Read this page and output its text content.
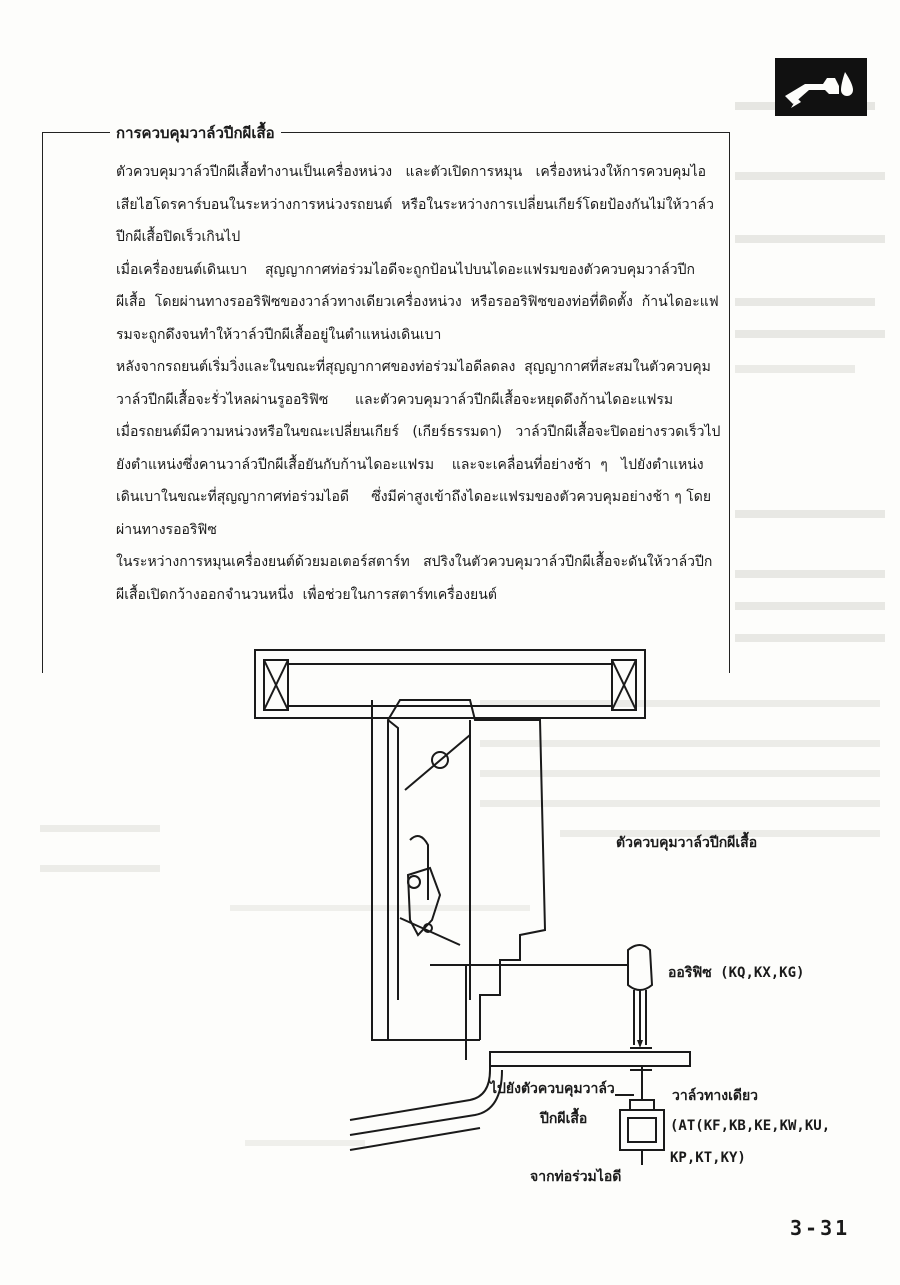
การควบคุมวาล์วปีกผีเสื้อ

ตัวควบคุมวาล์วปีกผีเสื้อทำงานเป็นเครื่องหน่วง   และตัวเปิดการหมุน   เครื่องหน่วงให้การควบคุมไอเสียไฮโดรคาร์บอนในระหว่างการหน่วงรถยนต์  หรือในระหว่างการเปลี่ยนเกียร์โดยป้องกันไม่ให้วาล์วปีกผีเสื้อปิดเร็วเกินไป

เมื่อเครื่องยนต์เดินเบา    สุญญากาศท่อร่วมไอดีจะถูกป้อนไปบนไดอะแฟรมของตัวควบคุมวาล์วปีกผีเสื้อ  โดยผ่านทางรออริฟิซของวาล์วทางเดียวเครื่องหน่วง  หรือรออริฟิซของท่อที่ติดตั้ง  ก้านไดอะแฟรมจะถูกดึงจนทำให้วาล์วปีกผีเสื้ออยู่ในตำแหน่งเดินเบา

หลังจากรถยนต์เริ่มวิ่งและในขณะที่สุญญากาศของท่อร่วมไอดีลดลง  สุญญากาศที่สะสมในตัวควบคุมวาล์วปีกผีเสื้อจะรั่วไหลผ่านรูออริฟิซ      และตัวควบคุมวาล์วปีกผีเสื้อจะหยุดดึงก้านไดอะแฟรม

เมื่อรถยนต์มีความหน่วงหรือในขณะเปลี่ยนเกียร์   (เกียร์ธรรมดา)   วาล์วปีกผีเสื้อจะปิดอย่างรวดเร็วไปยังตำแหน่งซึ่งคานวาล์วปีกผีเสื้อยันกับก้านไดอะแฟรม    และจะเคลื่อนที่อย่างช้า  ๆ   ไปยังตำแหน่งเดินเบาในขณะที่สุญญากาศท่อร่วมไอดี     ซึ่งมีค่าสูงเข้าถึงไดอะแฟรมของตัวควบคุมอย่างช้า ๆ โดยผ่านทางรออริฟิซ

ในระหว่างการหมุนเครื่องยนต์ด้วยมอเตอร์สตาร์ท   สปริงในตัวควบคุมวาล์วปีกผีเสื้อจะดันให้วาล์วปีกผีเสื้อเปิดกว้างออกจำนวนหนึ่ง  เพื่อช่วยในการสตาร์ทเครื่องยนต์

ตัวควบคุมวาล์วปีกผีเสื้อ
ออริฟิซ (KQ,KX,KG)
ไปยังตัวควบคุมวาล์ว
ปีกผีเสื้อ
วาล์วทางเดียว
(AT(KF,KB,KE,KW,KU,
KP,KT,KY)
จากท่อร่วมไอดี
3-31
